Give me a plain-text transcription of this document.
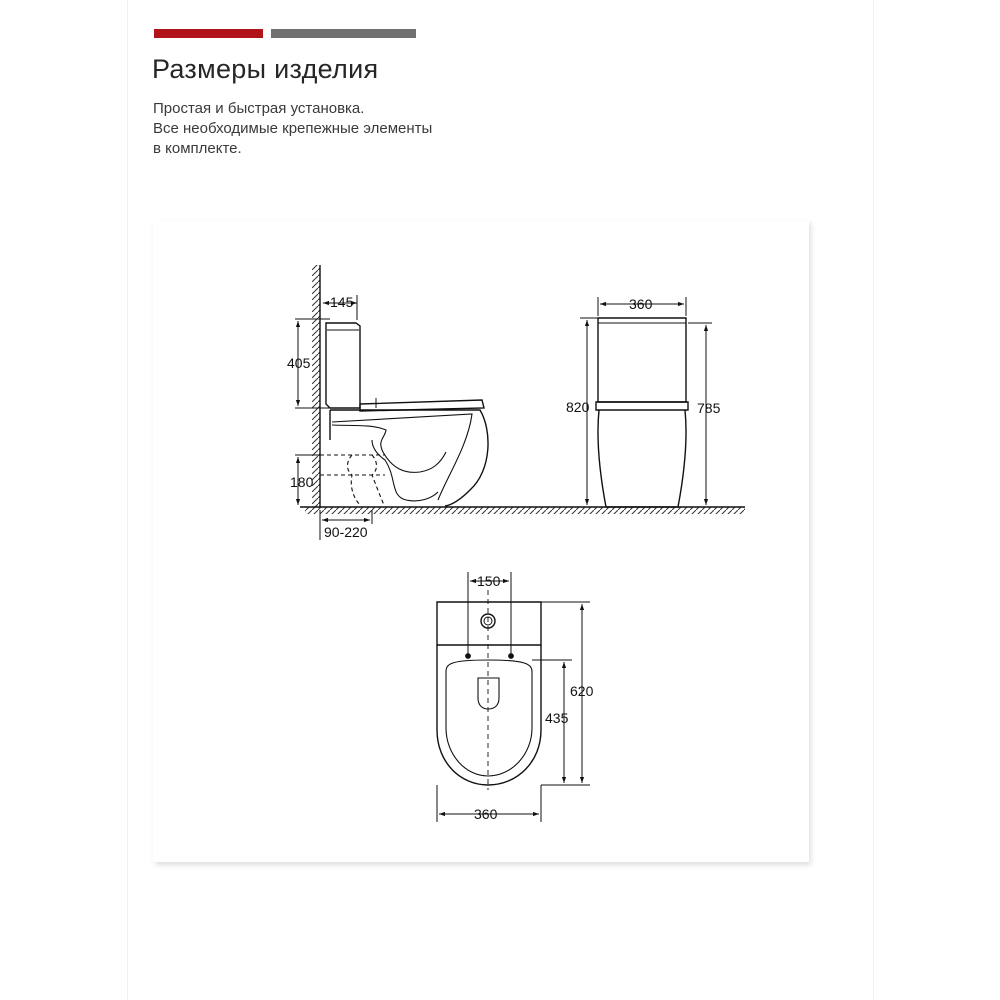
Размеры изделия
Простая и быстрая установка.
Все необходимые крепежные элементы
в комплекте.
145
405
180
90-220
360
820	785
150
620
435
360
